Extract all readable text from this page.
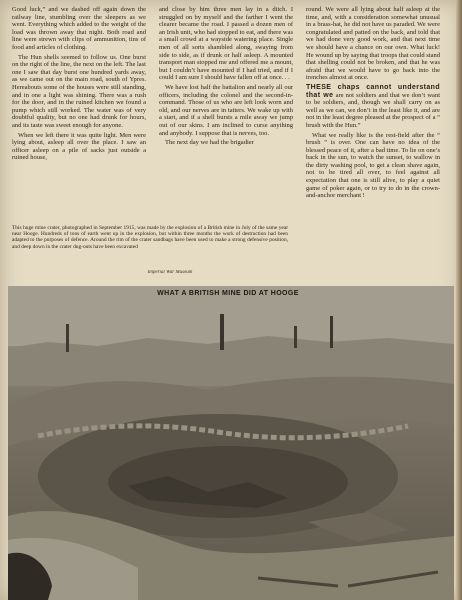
Good luck,” and we dashed off again down the railway line, stumbling over the sleepers as we went. Everything which added to the weight of the load was thrown away that night. Both road and line were strewn with clips of ammunition, tins of food and articles of clothing.

The Hun shells seemed to follow us. One burst on the right of the line, the next on the left. The last one I saw that day burst one hundred yards away, as we came out on the main road, south of Ypres. Hereabouts some of the houses were still standing, and in one a light was shining. There was a rush for the door, and in the ruined kitchen we found a pump which still worked. The water was of very doubtful quality, but no one had drunk for hours, and its taste was sweet enough for anyone.

When we left there it was quite light. Men were lying about, asleep all over the place. I saw an officer asleep on a pile of sacks just outside a ruined house,

and close by him three men lay in a ditch. I struggled on by myself and the farther I went the clearer became the road. I passed a dozen men of an Irish unit, who had stopped to eat, and there was a small crowd at a wayside watering place. Single men of all sorts shambled along, swaying from side to side, as if drunk or half asleep. A mounted transport man stopped me and offered me a mount, but I couldn’t have mounted if I had tried, and if I could I am sure I should have fallen off at once. . .

We have lost half the battalion and nearly all our officers, including the colonel and the second-in-command. Those of us who are left look worn and old, and our nerves are in tatters. We wake up with a start, and if a shell bursts a mile away we jump out of our skins. I am inclined to curse anything and anybody. I suppose that is nerves, too.

The next day we had the brigadier

round. We were all lying about half asleep at the time, and, with a consideration somewhat unusual in a brass-hat, he did not have us paraded. We were congratulated and patted on the back, and told that we had done very good work, and that next time we should have a chance on our own. What luck! He wound up by saying that troops that could stand that shelling could not be broken, and that he was afraid that we would have to go back into the trenches almost at once.

THESE chaps cannot understand that we are not soldiers and that we don’t want to be soldiers, and, though we shall carry on as well as we can, we don’t in the least like it, and are not in the least degree pleased at the prospect of a “ brush with the Hun.”

What we really like is the rest-field after the “ brush ” is over. One can have no idea of the blessed peace of it, after a bad time. To lie on one’s back in the sun, to watch the sunset, to wallow in the dirty washing pool, to get a clean shave again, not to be tired all over, to feel against all expectation that one is still alive, to play a quiet game of poker again, or to try to do in the crown-and-anchor merchant !

This huge mine crater, photographed in September 1915, was made by the explosion of a British mine in July of the same year near Hooge. Hundreds of tons of earth went up in the explosion, but within three months the work of destruction had been adapted to the purposes of defence. Around the rim of the crater sandbags have been used to make a strong defensive position, and deep down in the crater dug-outs have been excavated

Imperial War Museum
WHAT A BRITISH MINE DID AT HOOGE
